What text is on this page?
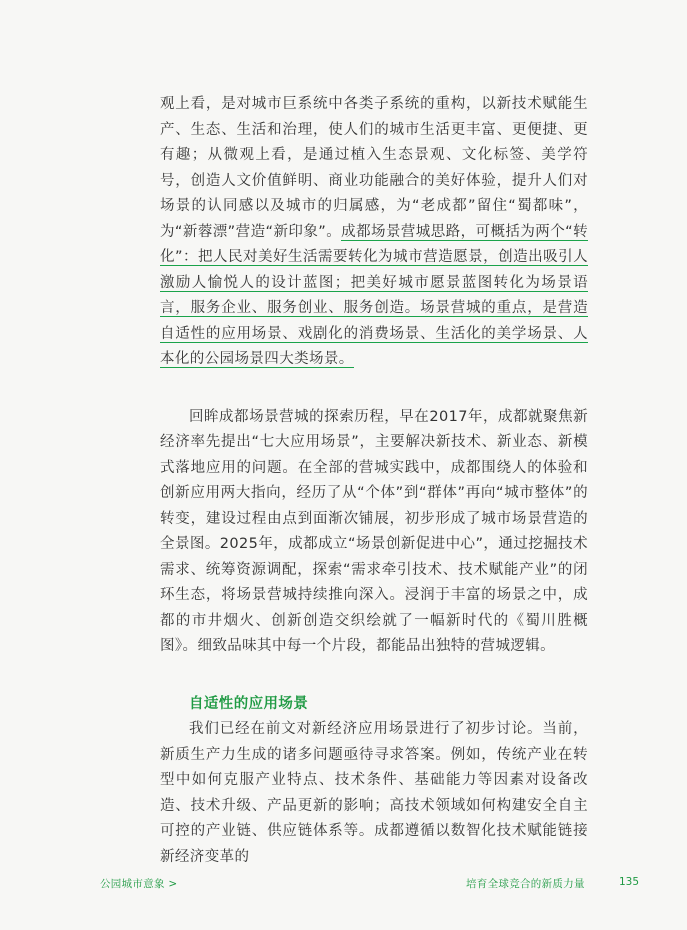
观上看，是对城市巨系统中各类子系统的重构，以新技术赋能生产、生态、生活和治理，使人们的城市生活更丰富、更便捷、更有趣；从微观上看，是通过植入生态景观、文化标签、美学符号，创造人文价值鲜明、商业功能融合的美好体验，提升人们对场景的认同感以及城市的归属感，为“老成都”留住“蜀都味”，为“新蓉漂”营造“新印象”。成都场景营城思路，可概括为两个“转化”：把人民对美好生活需要转化为城市营造愿景，创造出吸引人激励人愉悦人的设计蓝图；把美好城市愿景蓝图转化为场景语言，服务企业、服务创业、服务创造。场景营城的重点，是营造自适性的应用场景、戏剧化的消费场景、生活化的美学场景、人本化的公园场景四大类场景。

回眸成都场景营城的探索历程，早在2017年，成都就聚焦新经济率先提出“七大应用场景”，主要解决新技术、新业态、新模式落地应用的问题。在全部的营城实践中，成都围绕人的体验和创新应用两大指向，经历了从“个体”到“群体”再向“城市整体”的转变，建设过程由点到面渐次铺展，初步形成了城市场景营造的全景图。2025年，成都成立“场景创新促进中心”，通过挖掘技术需求、统筹资源调配，探索“需求牵引技术、技术赋能产业”的闭环生态，将场景营城持续推向深入。浸润于丰富的场景之中，成都的市井烟火、创新创造交织绘就了一幅新时代的《蜀川胜概图》。细致品味其中每一个片段，都能品出独特的营城逻辑。

自适性的应用场景

我们已经在前文对新经济应用场景进行了初步讨论。当前，新质生产力生成的诸多问题亟待寻求答案。例如，传统产业在转型中如何克服产业特点、技术条件、基础能力等因素对设备改造、技术升级、产品更新的影响；高技术领域如何构建安全自主可控的产业链、供应链体系等。成都遵循以数智化技术赋能链接新经济变革的

公园城市意象 >	培育全球竞合的新质力量	135
